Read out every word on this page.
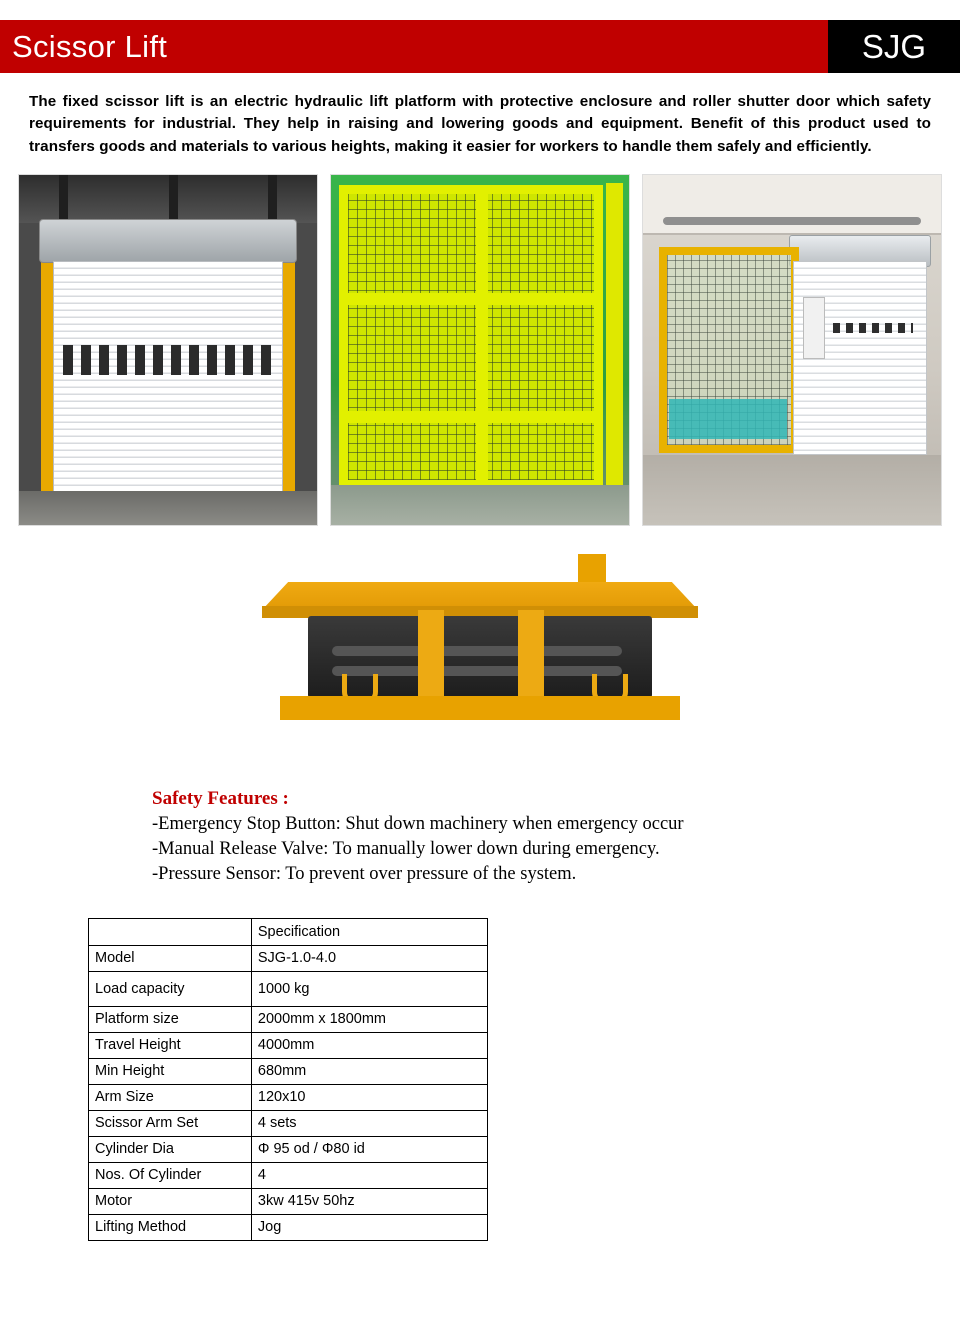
Scissor Lift	SJG
The fixed scissor lift is an electric hydraulic lift platform with protective enclosure and roller shutter door which safety requirements for industrial. They help in raising and lowering goods and equipment. Benefit of this product used to transfers goods and materials to various heights, making it easier for workers to handle them safely and efficiently.
Safety Features :
-Emergency Stop Button: Shut down machinery when emergency occur
-Manual Release Valve: To manually lower down during emergency.
-Pressure Sensor: To prevent over pressure of the system.
	Specification
Model	SJG-1.0-4.0
Load capacity	1000 kg
Platform size	2000mm x 1800mm
Travel Height	4000mm
Min Height	680mm
Arm Size	120x10
Scissor Arm Set	4 sets
Cylinder Dia	Φ 95 od / Φ80 id
Nos. Of Cylinder	4
Motor	3kw 415v 50hz
Lifting Method	Jog
